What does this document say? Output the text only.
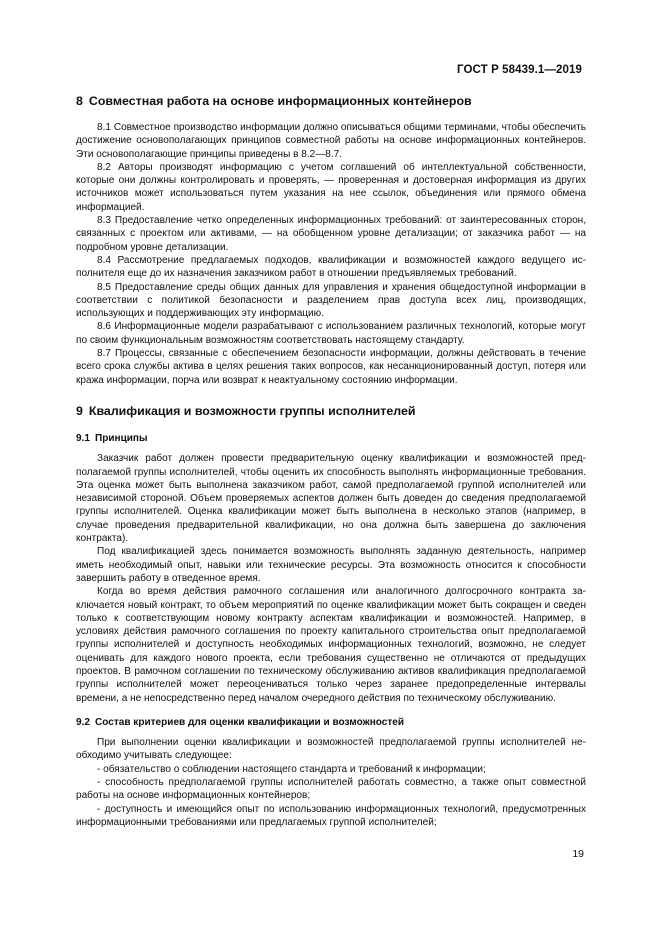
ГОСТ Р 58439.1—2019
8 Совместная работа на основе информационных контейнеров

8.1 Совместное производство информации должно описываться общими терминами, чтобы обеспечить достижение основополагающих принципов совместной работы на основе информационных контейнеров. Эти основополагающие принципы приведены в 8.2—8.7.

8.2 Авторы производят информацию с учетом соглашений об интеллектуальной собственности, которые они должны контролировать и проверять, — проверенная и достоверная информация из других источников может использоваться путем указания на нее ссылок, объединения или прямого обмена информацией.

8.3 Предоставление четко определенных информационных требований: от заинтересованных сторон, связанных с проектом или активами, — на обобщенном уровне детализации; от заказчика работ — на подробном уровне детализации.

8.4 Рассмотрение предлагаемых подходов, квалификации и возможностей каждого ведущего исполнителя еще до их назначения заказчиком работ в отношении предъявляемых требований.

8.5 Предоставление среды общих данных для управления и хранения общедоступной информации в соответствии с политикой безопасности и разделением прав доступа всех лиц, производящих, использующих и поддерживающих эту информацию.

8.6 Информационные модели разрабатывают с использованием различных технологий, которые могут по своим функциональным возможностям соответствовать настоящему стандарту.

8.7 Процессы, связанные с обеспечением безопасности информации, должны действовать в течение всего срока службы актива в целях решения таких вопросов, как несанкционированный доступ, потеря или кража информации, порча или возврат к неактуальному состоянию информации.

9 Квалификация и возможности группы исполнителей
9.1 Принципы

Заказчик работ должен провести предварительную оценку квалификации и возможностей предполагаемой группы исполнителей, чтобы оценить их способность выполнять информационные требования. Эта оценка может быть выполнена заказчиком работ, самой предполагаемой группой исполнителей или независимой стороной. Объем проверяемых аспектов должен быть доведен до сведения предполагаемой группы исполнителей. Оценка квалификации может быть выполнена в несколько этапов (например, в случае проведения предварительной квалификации, но она должна быть завершена до заключения контракта).

Под квалификацией здесь понимается возможность выполнять заданную деятельность, например иметь необходимый опыт, навыки или технические ресурсы. Эта возможность относится к способности завершить работу в отведенное время.

Когда во время действия рамочного соглашения или аналогичного долгосрочного контракта заключается новый контракт, то объем мероприятий по оценке квалификации может быть сокращен и сведен только к соответствующим новому контракту аспектам квалификации и возможностей. Например, в условиях действия рамочного соглашения по проекту капитального строительства опыт предполагаемой группы исполнителей и доступность необходимых информационных технологий, возможно, не следует оценивать для каждого нового проекта, если требования существенно не отличаются от предыдущих проектов. В рамочном соглашении по техническому обслуживанию активов квалификация предполагаемой группы исполнителей может переоцениваться только через заранее предопределенные интервалы времени, а не непосредственно перед началом очередного действия по техническому обслуживанию.

9.2 Состав критериев для оценки квалификации и возможностей

При выполнении оценки квалификации и возможностей предполагаемой группы исполнителей необходимо учитывать следующее:

- обязательство о соблюдении настоящего стандарта и требований к информации;

- способность предполагаемой группы исполнителей работать совместно, а также опыт совместной работы на основе информационных контейнеров;

- доступность и имеющийся опыт по использованию информационных технологий, предусмотренных информационными требованиями или предлагаемых группой исполнителей;

19
